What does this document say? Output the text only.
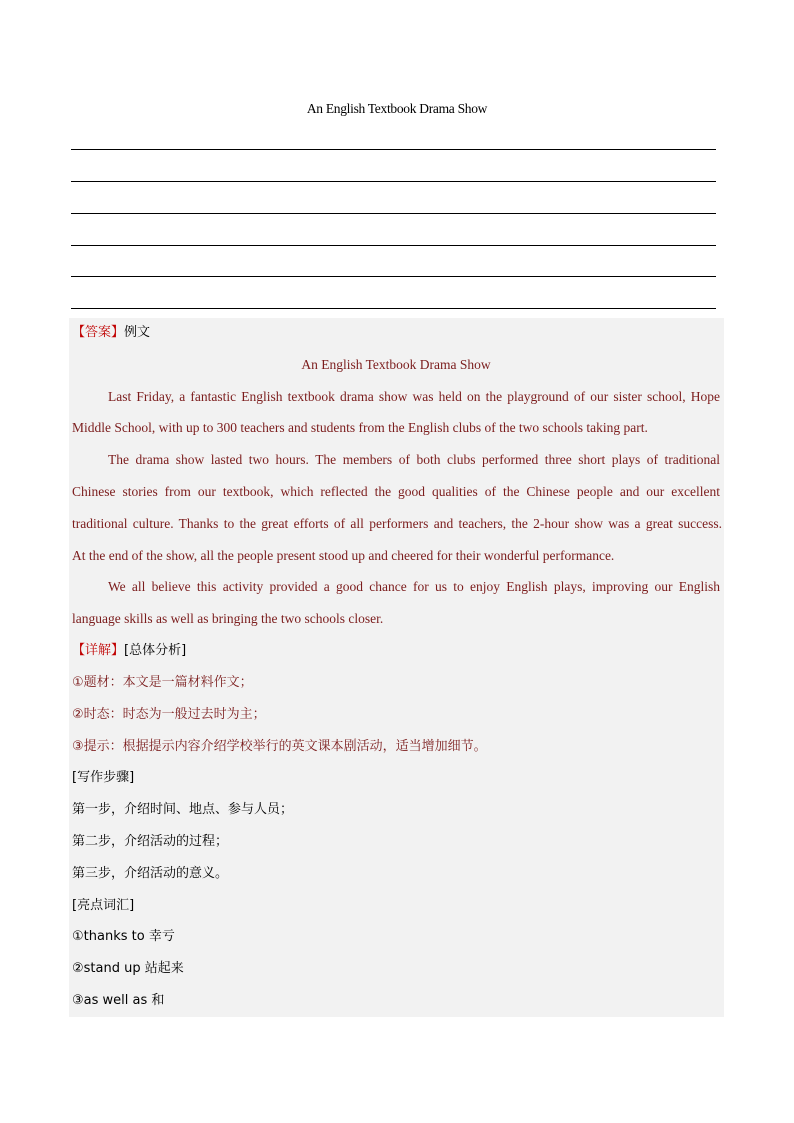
An English Textbook Drama Show
【答案】例文
An English Textbook Drama Show
Last Friday, a fantastic English textbook drama show was held on the playground of our sister school, Hope
Middle School, with up to 300 teachers and students from the English clubs of the two schools taking part.
The drama show lasted two hours. The members of both clubs performed three short plays of traditional
Chinese stories from our textbook, which reflected the good qualities of the Chinese people and our excellent
traditional culture. Thanks to the great efforts of all performers and teachers, the 2-hour show was a great success.
At the end of the show, all the people present stood up and cheered for their wonderful performance.
We all believe this activity provided a good chance for us to enjoy English plays, improving our English
language skills as well as bringing the two schools closer.
【详解】[总体分析]
①题材：本文是一篇材料作文；
②时态：时态为一般过去时为主；
③提示：根据提示内容介绍学校举行的英文课本剧活动，适当增加细节。
[写作步骤]
第一步，介绍时间、地点、参与人员；
第二步，介绍活动的过程；
第三步，介绍活动的意义。
[亮点词汇]
①thanks to 幸亏
②stand up 站起来
③as well as 和
